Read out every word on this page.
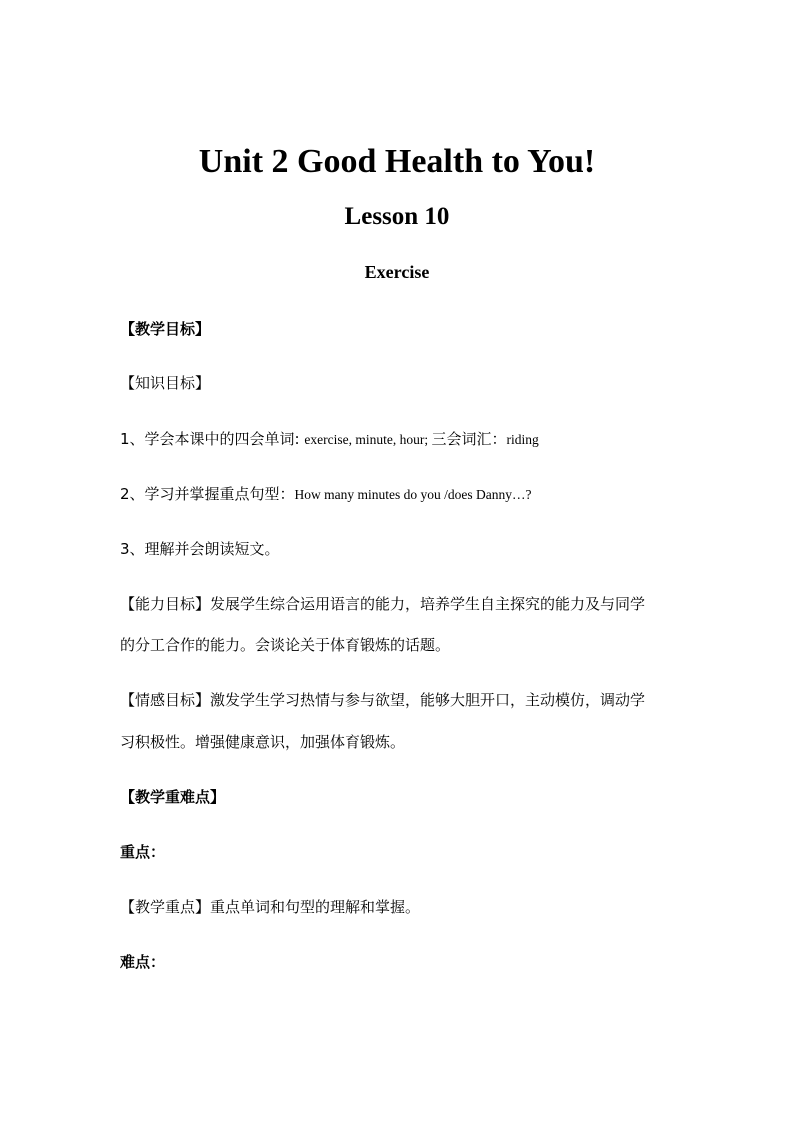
Unit 2 Good Health to You!
Lesson 10
Exercise

【教学目标】

【知识目标】

1、学会本课中的四会单词: exercise, minute, hour; 三会词汇：riding

2、学习并掌握重点句型：How many minutes do you /does Danny…?

3、理解并会朗读短文。

【能力目标】发展学生综合运用语言的能力，培养学生自主探究的能力及与同学

的分工合作的能力。会谈论关于体育锻炼的话题。

【情感目标】激发学生学习热情与参与欲望，能够大胆开口，主动模仿，调动学

习积极性。增强健康意识，加强体育锻炼。

【教学重难点】

重点：

【教学重点】重点单词和句型的理解和掌握。

难点：
